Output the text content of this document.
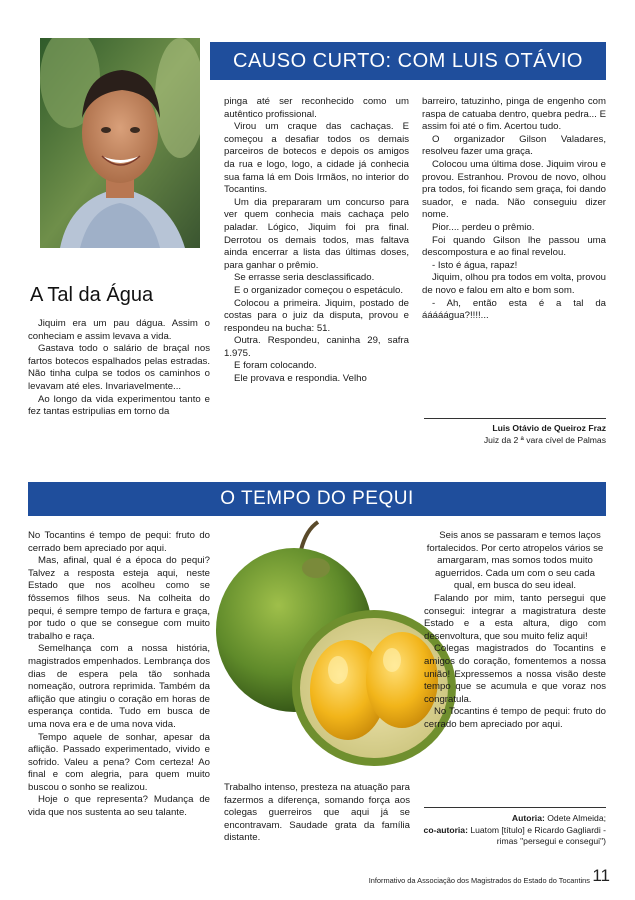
CAUSO CURTO: COM LUIS OTÁVIO
A Tal da Água

Jiquim era um pau dágua. Assim o conheciam e assim levava a vida.

Gastava todo o salário de braçal nos fartos botecos espalhados pelas estradas. Não tinha culpa se todos os caminhos o levavam até eles. Invariavelmente...

Ao longo da vida experimentou tanto e fez tantas estripulias em torno da

pinga até ser reconhecido como um autêntico profissional.

Virou um craque das cachaças. E começou a desafiar todos os demais parceiros de botecos e depois os amigos da rua e logo, logo, a cidade já conhecia sua fama lá em Dois Irmãos, no interior do Tocantins.

Um dia prepararam um concurso para ver quem conhecia mais cachaça pelo paladar. Lógico, Jiquim foi pra final. Derrotou os demais todos, mas faltava ainda encerrar a lista das últimas doses, para ganhar o prêmio.

Se errasse seria desclassificado.

E o organizador começou o espetáculo.

Colocou a primeira. Jiquim, postado de costas para o juiz da disputa, provou e respondeu na bucha: 51.

Outra. Respondeu, caninha 29, safra 1.975.

E foram colocando.

Ele provava e respondia. Velho

barreiro, tatuzinho, pinga de engenho com raspa de catuaba dentro, quebra pedra... E assim foi até o fim. Acertou tudo.

O organizador Gilson Valadares, resolveu fazer uma graça.

Colocou uma última dose. Jiquim virou e provou. Estranhou. Provou de novo, olhou pra todos, foi ficando sem graça, foi dando suador, e nada. Não conseguiu dizer nome.

Pior.... perdeu o prêmio.

Foi quando Gilson lhe passou uma descompostura e ao final revelou.

- Isto é água, rapaz!

Jiquim, olhou pra todos em volta, provou de novo e falou em alto e bom som.

- Ah, então esta é a tal da ááááágua?!!!!...

Luis Otávio de Queiroz Fraz
Juiz da 2 ª vara cível de Palmas
O TEMPO DO PEQUI

No Tocantins é tempo de pequi: fruto do cerrado bem apreciado por aqui.

Mas, afinal, qual é a época do pequi? Talvez a resposta esteja aqui, neste Estado que nos acolheu como se fôssemos filhos seus. Na colheita do pequi, é sempre tempo de fartura e graça, por tudo o que se consegue com muito trabalho e raça.

Semelhança com a nossa história, magistrados empenhados. Lembrança dos dias de espera pela tão sonhada nomeação, outrora reprimida. Também da aflição que atingiu o coração em horas de esperança contida. Tudo em busca de uma nova era e de uma nova vida.

Tempo aquele de sonhar, apesar da aflição. Passado experimentado, vivido e sofrido. Valeu a pena? Com certeza! Ao final e com alegria, para quem muito buscou o sonho se realizou.

Hoje o que representa? Mudança de vida que nos sustenta ao seu talante.

Trabalho intenso, presteza na atuação para fazermos a diferença, somando força aos colegas guerreiros que aqui já se encontravam. Saudade grata da família distante.

Seis anos se passaram e temos laços fortalecidos. Por certo atropelos vários se amargaram, mas somos todos muito aguerridos. Cada um com o seu cada qual, em busca do seu ideal.

Falando por mim, tanto persegui que consegui: integrar a magistratura deste Estado e a esta altura, digo com desenvoltura, que sou muito feliz aqui!

Colegas magistrados do Tocantins e amigos do coração, fomentemos a nossa união! Expressemos a nossa visão deste tempo que se acumula e que voraz nos congratula.

No Tocantins é tempo de pequi: fruto do cerrado bem apreciado por aqui.

Autoria: Odete Almeida;
co-autoria: Luatom [título] e Ricardo Gagliardi - rimas "persegui e consegui")
Informativo da Associação dos Magistrados do Estado do Tocantins 11
